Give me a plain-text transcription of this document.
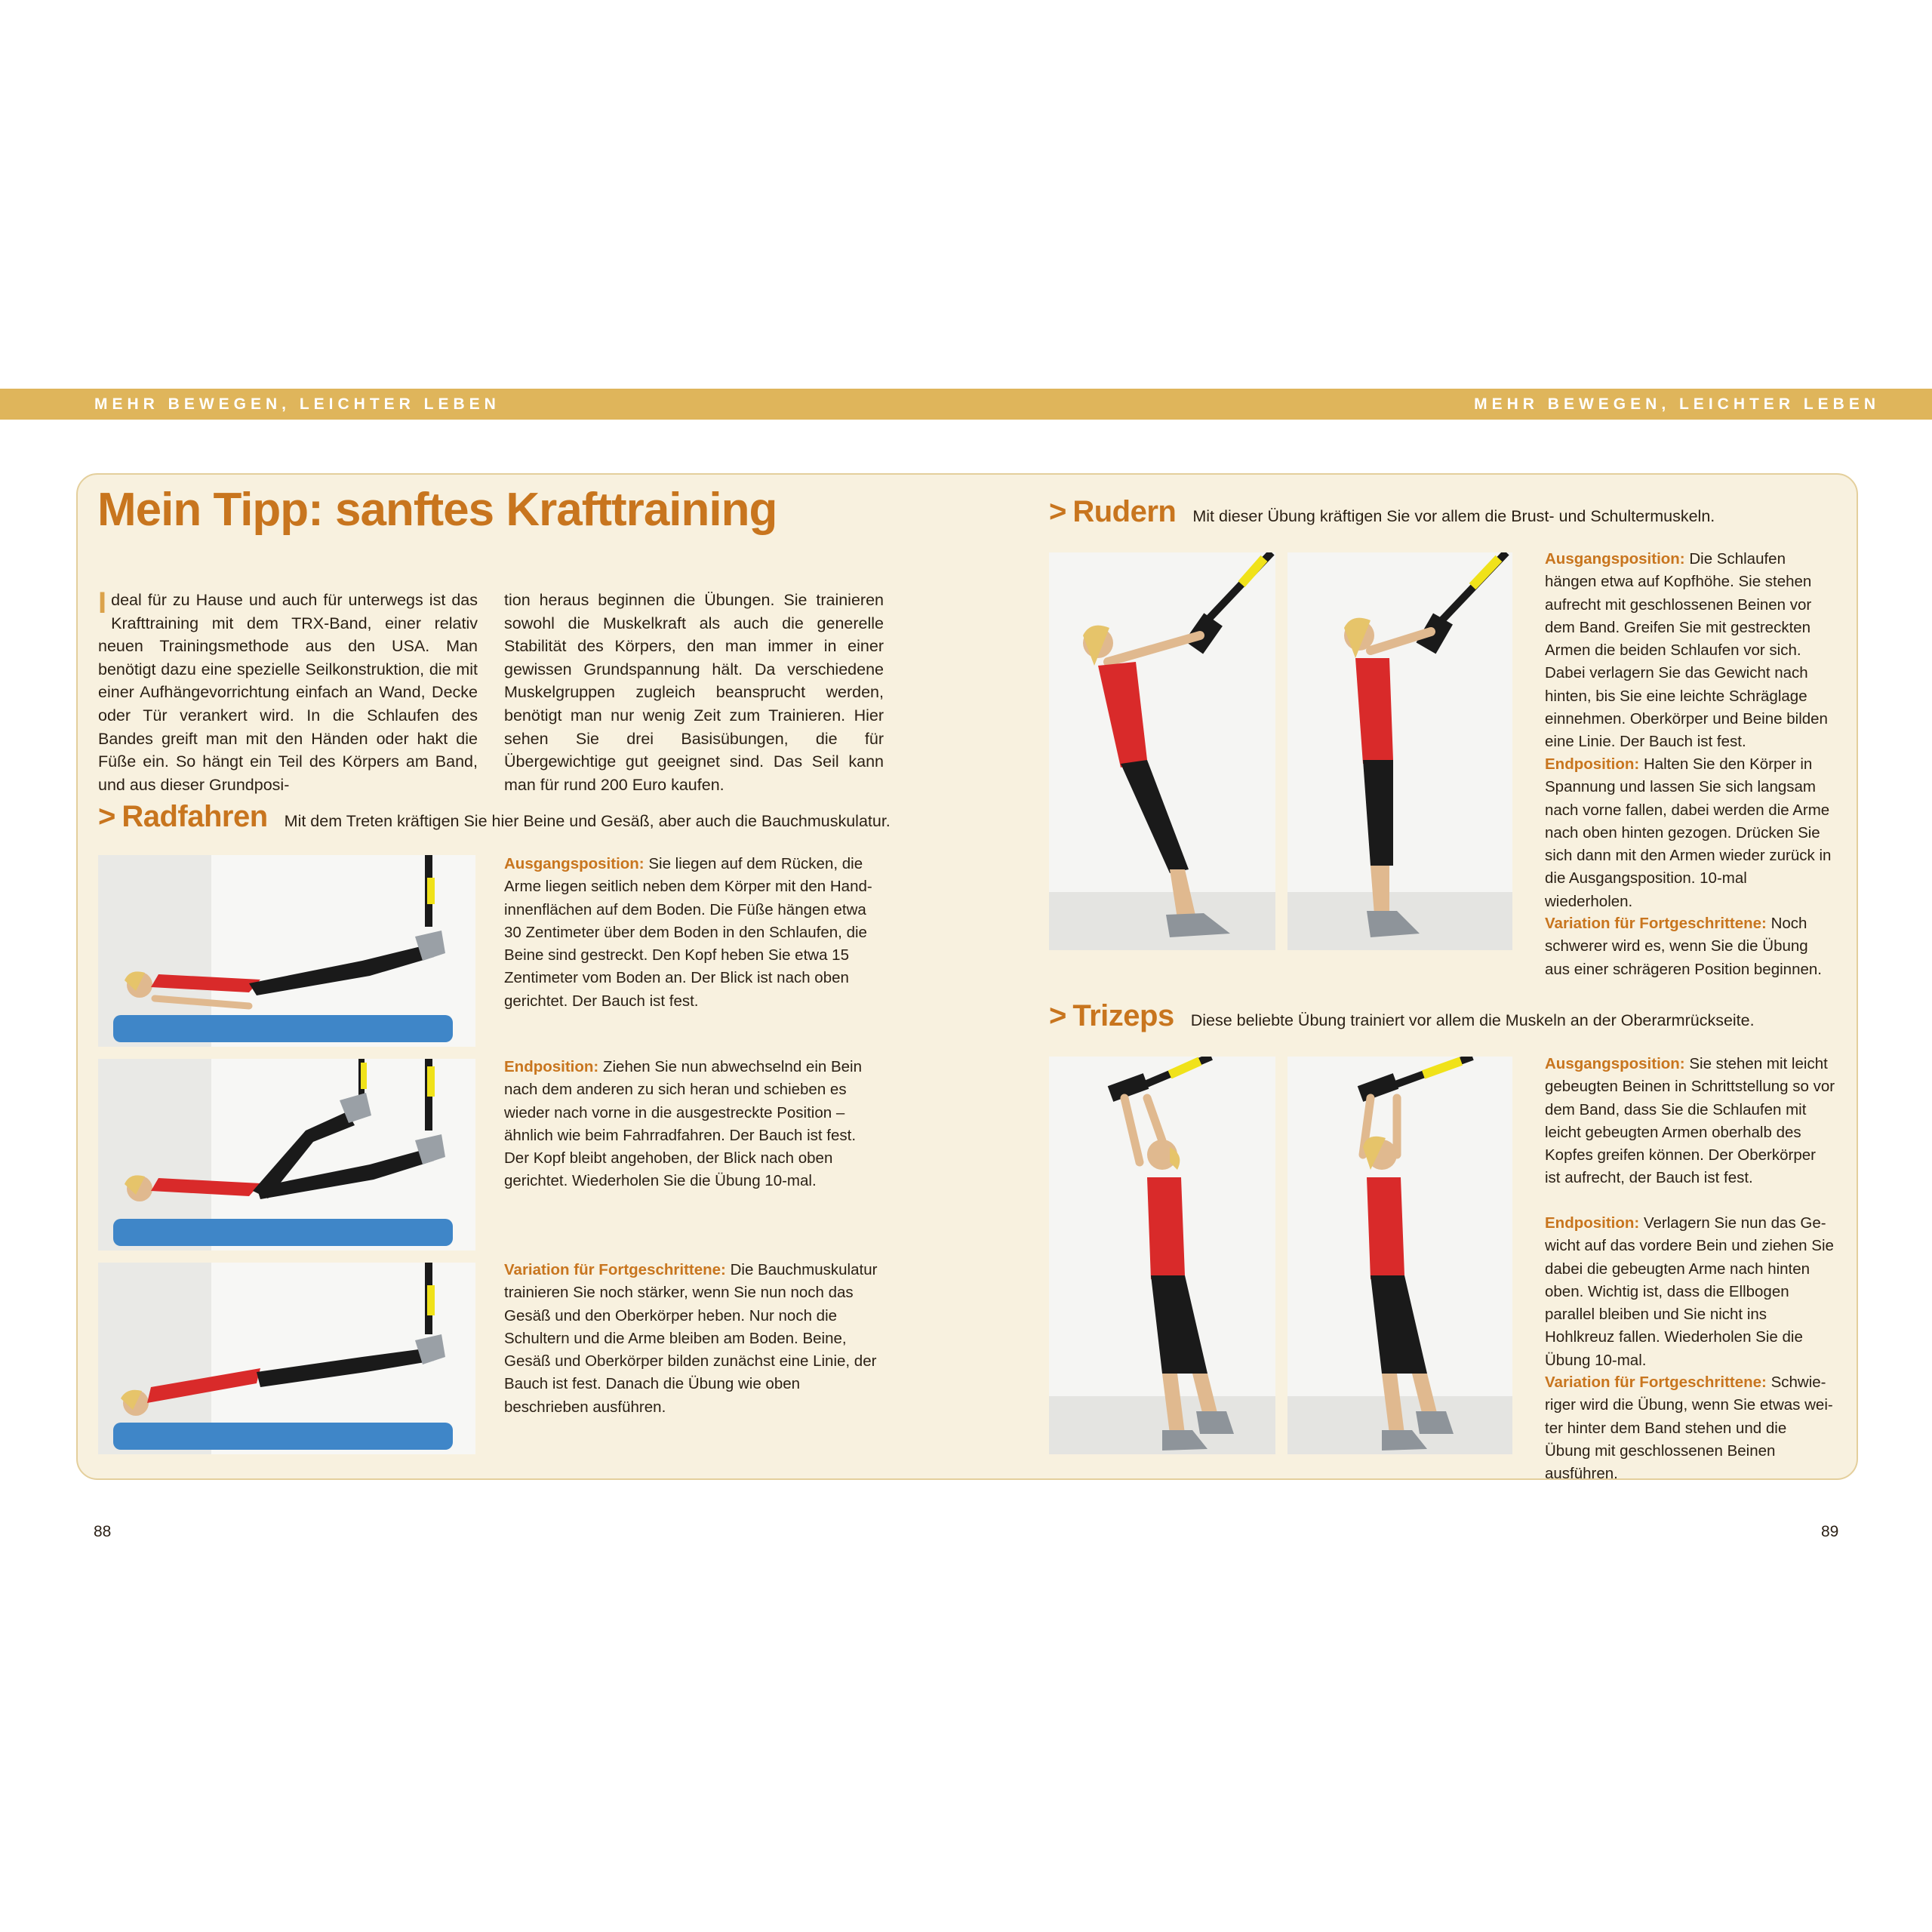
MEHR BEWEGEN, LEICHTER LEBEN	MEHR BEWEGEN, LEICHTER LEBEN
Mein Tipp: sanftes Krafttraining
Ideal für zu Hause und auch für unterwegs ist das Krafttraining mit dem TRX-Band, einer relativ neuen Trainingsmethode aus den USA. Man benötigt dazu eine spezielle Seilkonstruktion, die mit einer Aufhängevorrichtung einfach an Wand, Decke oder Tür verankert wird. In die Schlaufen des Bandes greift man mit den Händen oder hakt die Füße ein. So hängt ein Teil des Körpers am Band, und aus dieser Grundposi-
tion heraus beginnen die Übungen. Sie trainieren sowohl die Muskelkraft als auch die generelle Stabilität des Körpers, den man immer in einer gewissen Grundspannung hält. Da verschiedene Muskelgruppen zugleich beansprucht werden, benötigt man nur wenig Zeit zum Trainieren. Hier sehen Sie drei Basisübungen, die für Übergewichtige gut geeignet sind. Das Seil kann man für rund 200 Euro kaufen.
> Radfahren Mit dem Treten kräftigen Sie hier Beine und Gesäß, aber auch die Bauchmuskulatur.

Ausgangsposition: Sie liegen auf dem Rücken, die Arme liegen seitlich neben dem Körper mit den Handinnenflächen auf dem Boden. Die Füße hängen etwa 30 Zentimeter über dem Boden in den Schlaufen, die Beine sind gestreckt. Den Kopf heben Sie etwa 15 Zentimeter vom Boden an. Der Blick ist nach oben gerichtet. Der Bauch ist fest.

Endposition: Ziehen Sie nun abwechselnd ein Bein nach dem anderen zu sich heran und schieben es wieder nach vorne in die ausgestreckte Position – ähnlich wie beim Fahrradfahren. Der Bauch ist fest. Der Kopf bleibt angehoben, der Blick nach oben gerichtet. Wiederholen Sie die Übung 10-mal.

Variation für Fortgeschrittene: Die Bauchmuskulatur trainieren Sie noch stärker, wenn Sie nun noch das Gesäß und den Oberkörper heben. Nur noch die Schultern und die Arme bleiben am Boden. Beine, Gesäß und Oberkörper bilden zunächst eine Linie, der Bauch ist fest. Danach die Übung wie oben beschrieben ausführen.

> Rudern Mit dieser Übung kräftigen Sie vor allem die Brust- und Schultermuskeln.

Ausgangsposition: Die Schlaufen hängen etwa auf Kopfhöhe. Sie stehen aufrecht mit geschlossenen Beinen vor dem Band. Greifen Sie mit gestreckten Armen die beiden Schlaufen vor sich. Dabei verlagern Sie das Gewicht nach hinten, bis Sie eine leichte Schräglage einnehmen. Oberkörper und Beine bilden eine Linie. Der Bauch ist fest.

Endposition: Halten Sie den Körper in Spannung und lassen Sie sich langsam nach vorne fallen, dabei werden die Arme nach oben hinten gezogen. Drücken Sie sich dann mit den Armen wieder zurück in die Ausgangsposition. 10-mal wiederholen.

Variation für Fortgeschrittene: Noch schwerer wird es, wenn Sie die Übung aus einer schrägeren Position beginnen.

> Trizeps Diese beliebte Übung trainiert vor allem die Muskeln an der Oberarmrückseite.

Ausgangsposition: Sie stehen mit leicht gebeugten Beinen in Schrittstellung so vor dem Band, dass Sie die Schlaufen mit leicht gebeugten Armen oberhalb des Kopfes greifen können. Der Oberkörper ist aufrecht, der Bauch ist fest.

Endposition: Verlagern Sie nun das Gewicht auf das vordere Bein und ziehen Sie dabei die gebeugten Arme nach hinten oben. Wichtig ist, dass die Ellbogen parallel bleiben und Sie nicht ins Hohlkreuz fallen. Wiederholen Sie die Übung 10-mal.

Variation für Fortgeschrittene: Schwieriger wird die Übung, wenn Sie etwas weiter hinter dem Band stehen und die Übung mit geschlossenen Beinen ausführen.

88	89
